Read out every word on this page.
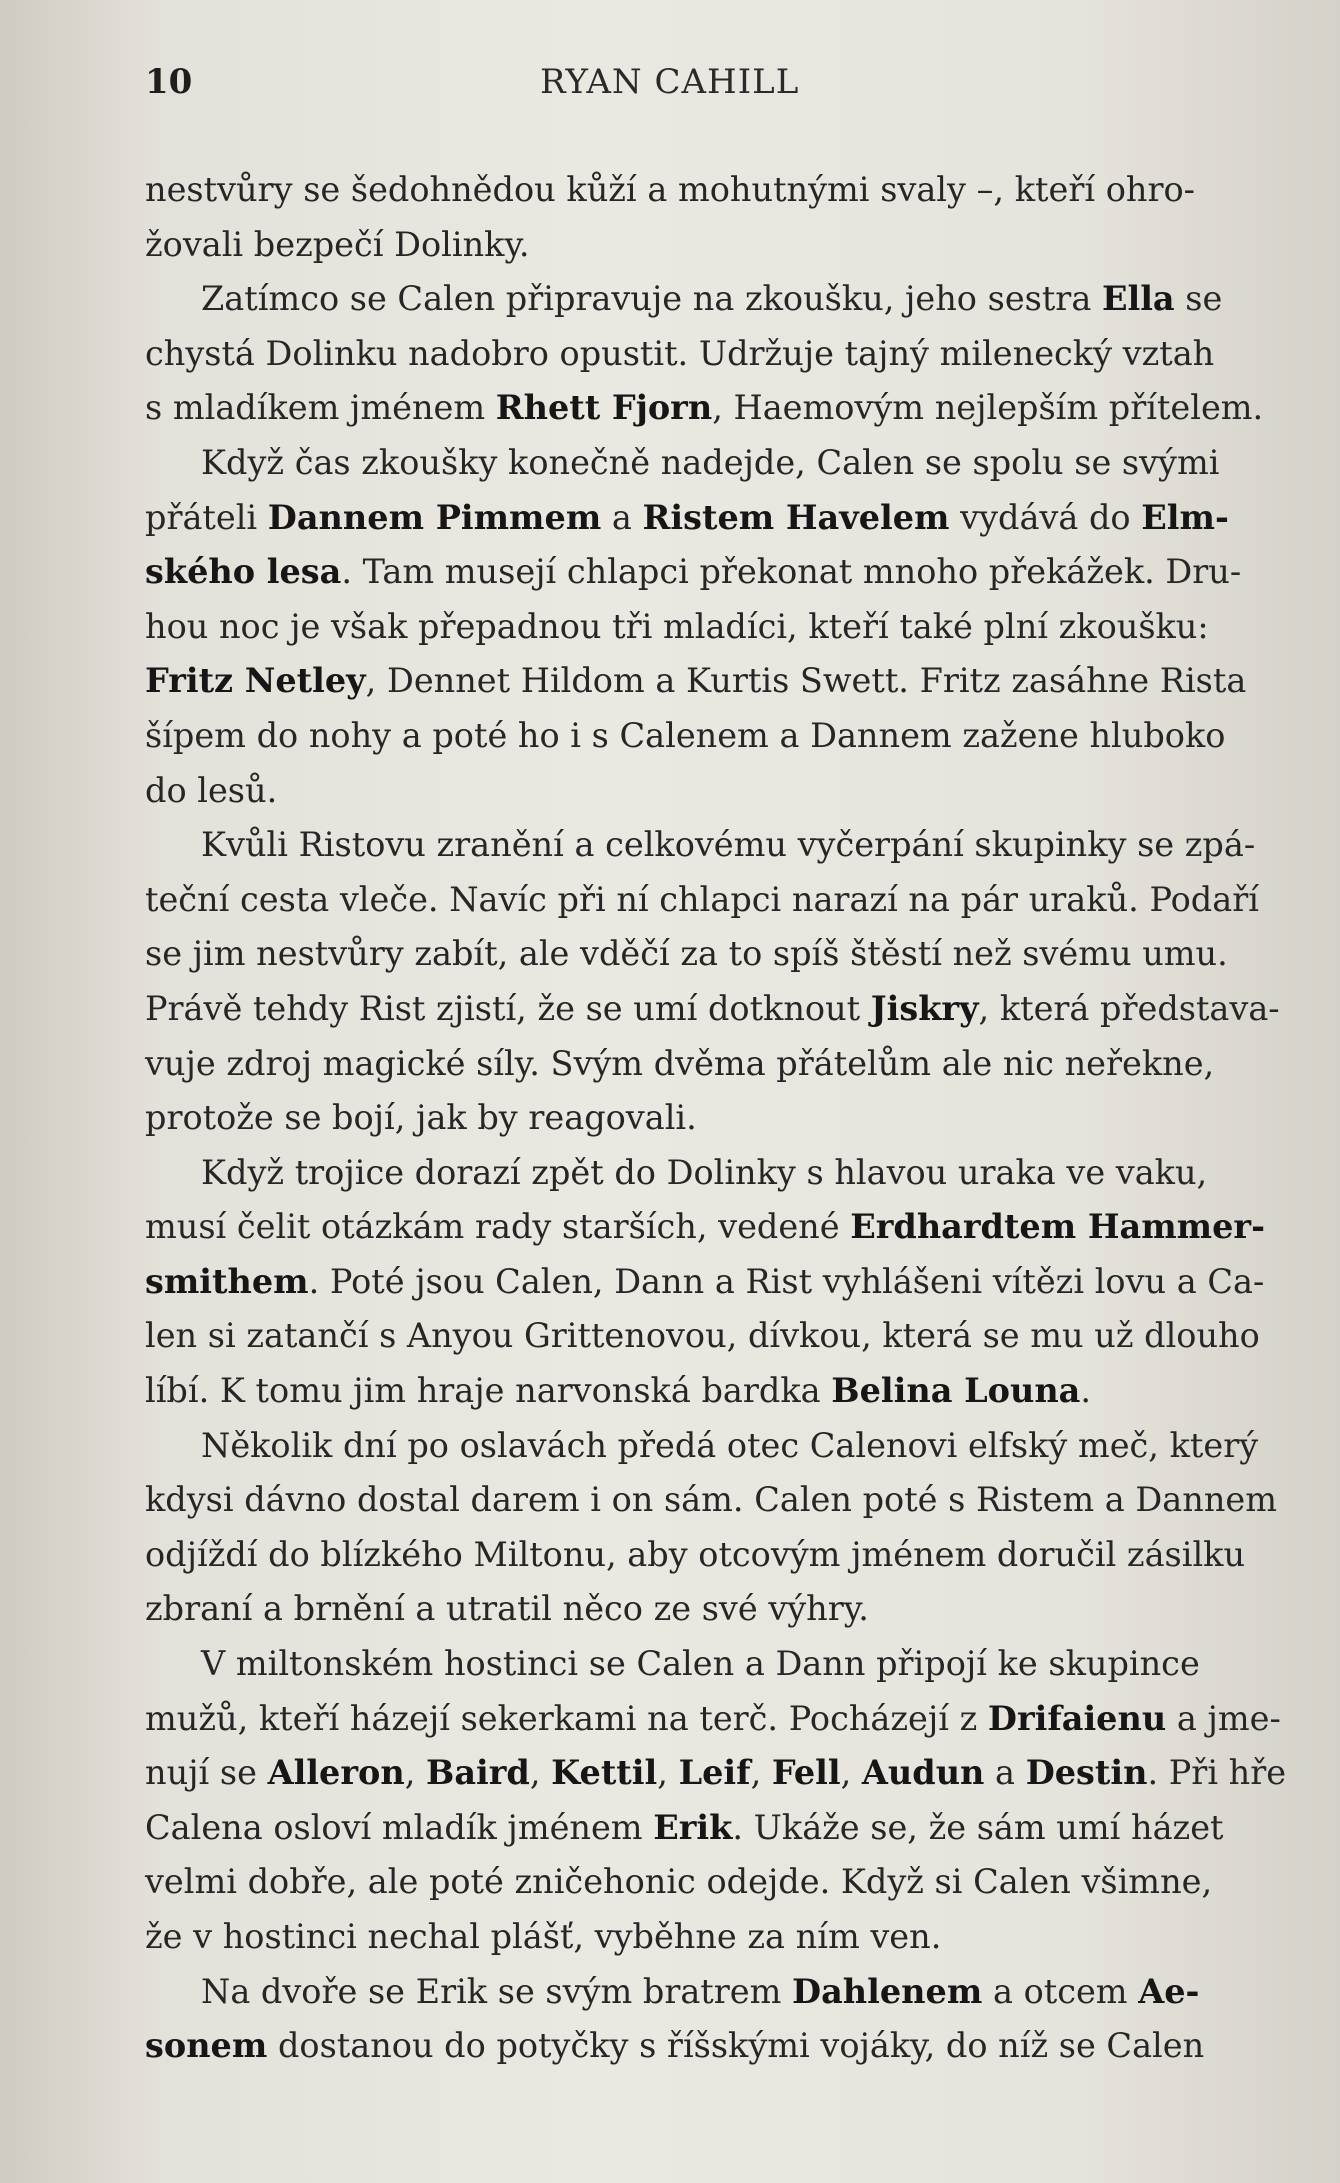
10	RYAN CAHILL
nestvůry se šedohnědou kůží a mohutnými svaly –, kteří ohro-
žovali bezpečí Dolinky.
Zatímco se Calen připravuje na zkoušku, jeho sestra Ella se
chystá Dolinku nadobro opustit. Udržuje tajný milenecký vztah
s mladíkem jménem Rhett Fjorn, Haemovým nejlepším přítelem.
Když čas zkoušky konečně nadejde, Calen se spolu se svými
přáteli Dannem Pimmem a Ristem Havelem vydává do Elm-
ského lesa. Tam musejí chlapci překonat mnoho překážek. Dru-
hou noc je však přepadnou tři mladíci, kteří také plní zkoušku:
Fritz Netley, Dennet Hildom a Kurtis Swett. Fritz zasáhne Rista
šípem do nohy a poté ho i s Calenem a Dannem zažene hluboko
do lesů.
Kvůli Ristovu zranění a celkovému vyčerpání skupinky se zpá-
teční cesta vleče. Navíc při ní chlapci narazí na pár uraků. Podaří
se jim nestvůry zabít, ale vděčí za to spíš štěstí než svému umu.
Právě tehdy Rist zjistí, že se umí dotknout Jiskry, která představa-
vuje zdroj magické síly. Svým dvěma přátelům ale nic neřekne,
protože se bojí, jak by reagovali.
Když trojice dorazí zpět do Dolinky s hlavou uraka ve vaku,
musí čelit otázkám rady starších, vedené Erdhardtem Hammer-
smithem. Poté jsou Calen, Dann a Rist vyhlášeni vítězi lovu a Ca-
len si zatančí s Anyou Grittenovou, dívkou, která se mu už dlouho
líbí. K tomu jim hraje narvonská bardka Belina Louna.
Několik dní po oslavách předá otec Calenovi elfský meč, který
kdysi dávno dostal darem i on sám. Calen poté s Ristem a Dannem
odjíždí do blízkého Miltonu, aby otcovým jménem doručil zásilku
zbraní a brnění a utratil něco ze své výhry.
V miltonském hostinci se Calen a Dann připojí ke skupince
mužů, kteří házejí sekerkami na terč. Pocházejí z Drifaienu a jme-
nují se Alleron, Baird, Kettil, Leif, Fell, Audun a Destin. Při hře
Calena osloví mladík jménem Erik. Ukáže se, že sám umí házet
velmi dobře, ale poté zničehonic odejde. Když si Calen všimne,
že v hostinci nechal plášť, vyběhne za ním ven.
Na dvoře se Erik se svým bratrem Dahlenem a otcem Ae-
sonem dostanou do potyčky s říšskými vojáky, do níž se Calen
